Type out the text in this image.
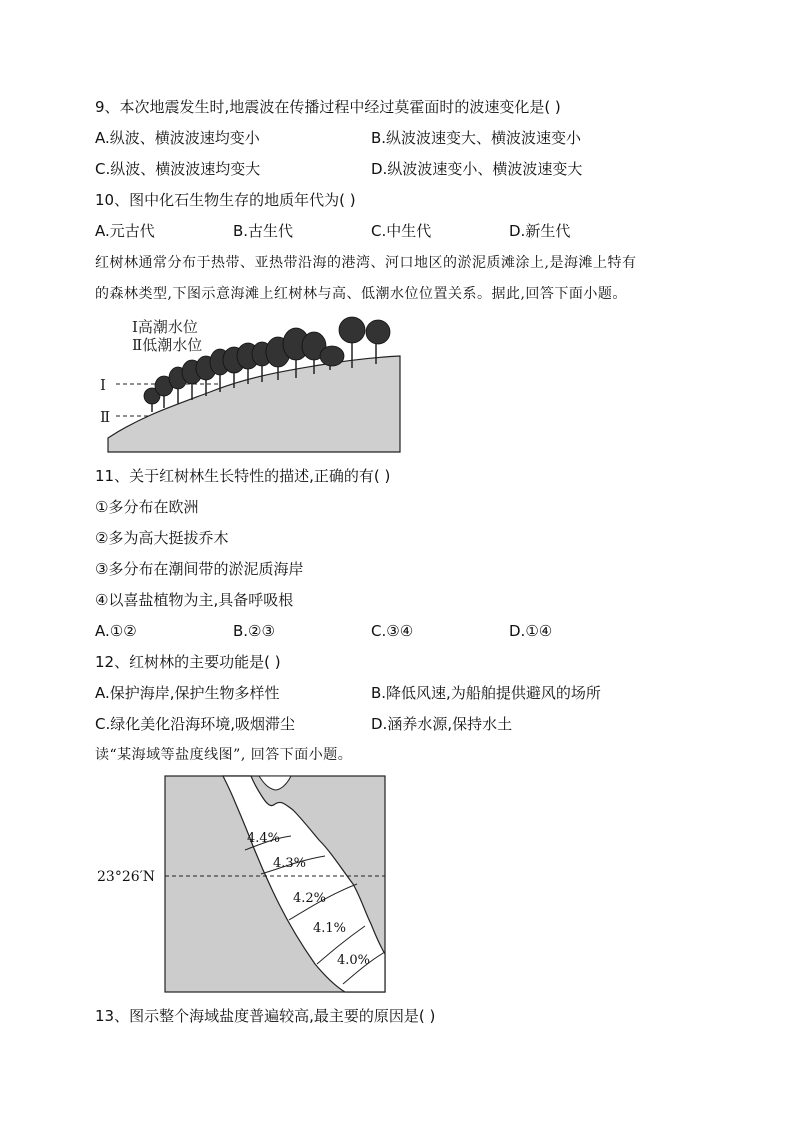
9、本次地震发生时,地震波在传播过程中经过莫霍面时的波速变化是( )
A.纵波、横波波速均变小	B.纵波波速变大、横波波速变小
C.纵波、横波波速均变大	D.纵波波速变小、横波波速变大
10、图中化石生物生存的地质年代为( )
A.元古代	B.古生代	C.中生代	D.新生代
红树林通常分布于热带、亚热带沿海的港湾、河口地区的淤泥质滩涂上,是海滩上特有
的森林类型,下图示意海滩上红树林与高、低潮水位位置关系。据此,回答下面小题。
Ⅰ
Ⅱ
Ⅰ高潮水位
Ⅱ低潮水位
11、关于红树林生长特性的描述,正确的有( )
①多分布在欧洲
②多为高大挺拔乔木
③多分布在潮间带的淤泥质海岸
④以喜盐植物为主,具备呼吸根
A.①②	B.②③	C.③④	D.①④
12、红树林的主要功能是( )
A.保护海岸,保护生物多样性	B.降低风速,为船舶提供避风的场所
C.绿化美化沿海环境,吸烟滞尘	D.涵养水源,保持水土
读“某海域等盐度线图”, 回答下面小题。
23°26′N
4.4%
4.3%
4.2%
4.1%
4.0%
13、图示整个海域盐度普遍较高,最主要的原因是( )
